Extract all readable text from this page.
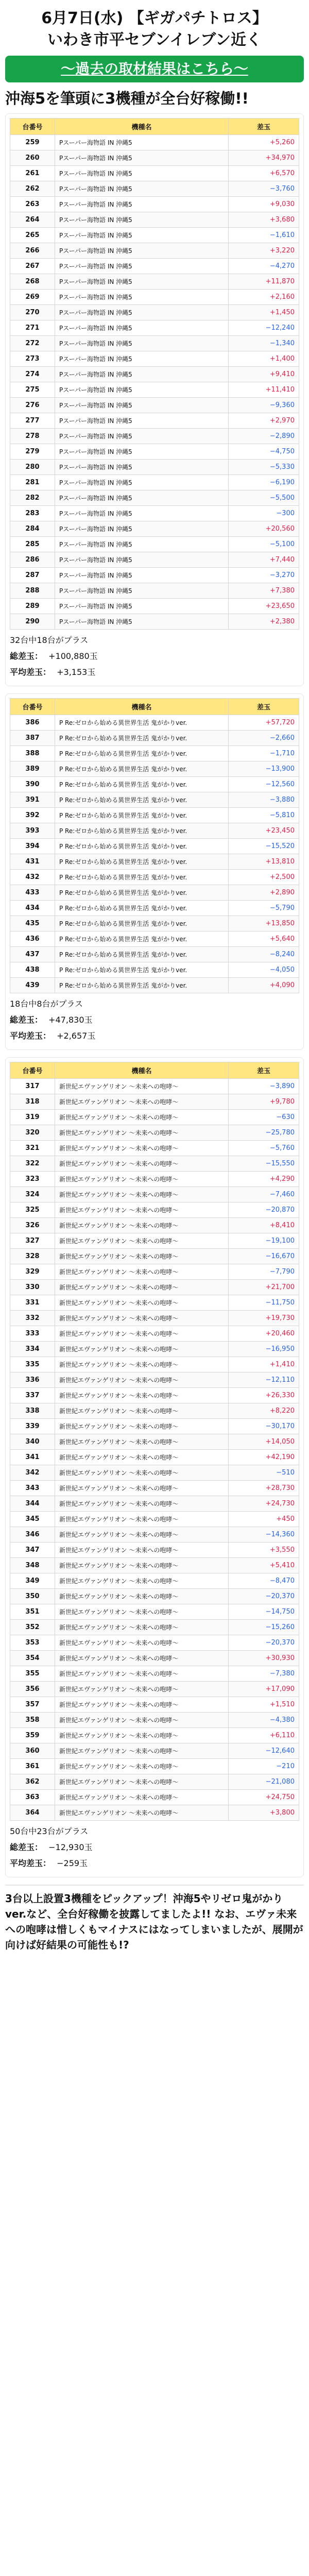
6月7日(水) 【ギガパチトロス】
いわき市平セブンイレブン近く
〜過去の取材結果はこちら〜
沖海5を筆頭に3機種が全台好稼働!!
台番号	機種名	差玉
259	Pスーパー海物語 IN 沖縄5	+5,260
260	Pスーパー海物語 IN 沖縄5	+34,970
261	Pスーパー海物語 IN 沖縄5	+6,570
262	Pスーパー海物語 IN 沖縄5	−3,760
263	Pスーパー海物語 IN 沖縄5	+9,030
264	Pスーパー海物語 IN 沖縄5	+3,680
265	Pスーパー海物語 IN 沖縄5	−1,610
266	Pスーパー海物語 IN 沖縄5	+3,220
267	Pスーパー海物語 IN 沖縄5	−4,270
268	Pスーパー海物語 IN 沖縄5	+11,870
269	Pスーパー海物語 IN 沖縄5	+2,160
270	Pスーパー海物語 IN 沖縄5	+1,450
271	Pスーパー海物語 IN 沖縄5	−12,240
272	Pスーパー海物語 IN 沖縄5	−1,340
273	Pスーパー海物語 IN 沖縄5	+1,400
274	Pスーパー海物語 IN 沖縄5	+9,410
275	Pスーパー海物語 IN 沖縄5	+11,410
276	Pスーパー海物語 IN 沖縄5	−9,360
277	Pスーパー海物語 IN 沖縄5	+2,970
278	Pスーパー海物語 IN 沖縄5	−2,890
279	Pスーパー海物語 IN 沖縄5	−4,750
280	Pスーパー海物語 IN 沖縄5	−5,330
281	Pスーパー海物語 IN 沖縄5	−6,190
282	Pスーパー海物語 IN 沖縄5	−5,500
283	Pスーパー海物語 IN 沖縄5	−300
284	Pスーパー海物語 IN 沖縄5	+20,560
285	Pスーパー海物語 IN 沖縄5	−5,100
286	Pスーパー海物語 IN 沖縄5	+7,440
287	Pスーパー海物語 IN 沖縄5	−3,270
288	Pスーパー海物語 IN 沖縄5	+7,380
289	Pスーパー海物語 IN 沖縄5	+23,650
290	Pスーパー海物語 IN 沖縄5	+2,380
32台中18台がプラス
総差玉： +100,880玉
平均差玉： +3,153玉
台番号	機種名	差玉
386	P Re:ゼロから始める異世界生活 鬼がかりver.	+57,720
387	P Re:ゼロから始める異世界生活 鬼がかりver.	−2,660
388	P Re:ゼロから始める異世界生活 鬼がかりver.	−1,710
389	P Re:ゼロから始める異世界生活 鬼がかりver.	−13,900
390	P Re:ゼロから始める異世界生活 鬼がかりver.	−12,560
391	P Re:ゼロから始める異世界生活 鬼がかりver.	−3,880
392	P Re:ゼロから始める異世界生活 鬼がかりver.	−5,810
393	P Re:ゼロから始める異世界生活 鬼がかりver.	+23,450
394	P Re:ゼロから始める異世界生活 鬼がかりver.	−15,520
431	P Re:ゼロから始める異世界生活 鬼がかりver.	+13,810
432	P Re:ゼロから始める異世界生活 鬼がかりver.	+2,500
433	P Re:ゼロから始める異世界生活 鬼がかりver.	+2,890
434	P Re:ゼロから始める異世界生活 鬼がかりver.	−5,790
435	P Re:ゼロから始める異世界生活 鬼がかりver.	+13,850
436	P Re:ゼロから始める異世界生活 鬼がかりver.	+5,640
437	P Re:ゼロから始める異世界生活 鬼がかりver.	−8,240
438	P Re:ゼロから始める異世界生活 鬼がかりver.	−4,050
439	P Re:ゼロから始める異世界生活 鬼がかりver.	+4,090
18台中8台がプラス
総差玉： +47,830玉
平均差玉： +2,657玉
台番号	機種名	差玉
317	新世紀エヴァンゲリオン 〜未来への咆哮〜	−3,890
318	新世紀エヴァンゲリオン 〜未来への咆哮〜	+9,780
319	新世紀エヴァンゲリオン 〜未来への咆哮〜	−630
320	新世紀エヴァンゲリオン 〜未来への咆哮〜	−25,780
321	新世紀エヴァンゲリオン 〜未来への咆哮〜	−5,760
322	新世紀エヴァンゲリオン 〜未来への咆哮〜	−15,550
323	新世紀エヴァンゲリオン 〜未来への咆哮〜	+4,290
324	新世紀エヴァンゲリオン 〜未来への咆哮〜	−7,460
325	新世紀エヴァンゲリオン 〜未来への咆哮〜	−20,870
326	新世紀エヴァンゲリオン 〜未来への咆哮〜	+8,410
327	新世紀エヴァンゲリオン 〜未来への咆哮〜	−19,100
328	新世紀エヴァンゲリオン 〜未来への咆哮〜	−16,670
329	新世紀エヴァンゲリオン 〜未来への咆哮〜	−7,790
330	新世紀エヴァンゲリオン 〜未来への咆哮〜	+21,700
331	新世紀エヴァンゲリオン 〜未来への咆哮〜	−11,750
332	新世紀エヴァンゲリオン 〜未来への咆哮〜	+19,730
333	新世紀エヴァンゲリオン 〜未来への咆哮〜	+20,460
334	新世紀エヴァンゲリオン 〜未来への咆哮〜	−16,950
335	新世紀エヴァンゲリオン 〜未来への咆哮〜	+1,410
336	新世紀エヴァンゲリオン 〜未来への咆哮〜	−12,110
337	新世紀エヴァンゲリオン 〜未来への咆哮〜	+26,330
338	新世紀エヴァンゲリオン 〜未来への咆哮〜	+8,220
339	新世紀エヴァンゲリオン 〜未来への咆哮〜	−30,170
340	新世紀エヴァンゲリオン 〜未来への咆哮〜	+14,050
341	新世紀エヴァンゲリオン 〜未来への咆哮〜	+42,190
342	新世紀エヴァンゲリオン 〜未来への咆哮〜	−510
343	新世紀エヴァンゲリオン 〜未来への咆哮〜	+28,730
344	新世紀エヴァンゲリオン 〜未来への咆哮〜	+24,730
345	新世紀エヴァンゲリオン 〜未来への咆哮〜	+450
346	新世紀エヴァンゲリオン 〜未来への咆哮〜	−14,360
347	新世紀エヴァンゲリオン 〜未来への咆哮〜	+3,550
348	新世紀エヴァンゲリオン 〜未来への咆哮〜	+5,410
349	新世紀エヴァンゲリオン 〜未来への咆哮〜	−8,470
350	新世紀エヴァンゲリオン 〜未来への咆哮〜	−20,370
351	新世紀エヴァンゲリオン 〜未来への咆哮〜	−14,750
352	新世紀エヴァンゲリオン 〜未来への咆哮〜	−15,260
353	新世紀エヴァンゲリオン 〜未来への咆哮〜	−20,370
354	新世紀エヴァンゲリオン 〜未来への咆哮〜	+30,930
355	新世紀エヴァンゲリオン 〜未来への咆哮〜	−7,380
356	新世紀エヴァンゲリオン 〜未来への咆哮〜	+17,090
357	新世紀エヴァンゲリオン 〜未来への咆哮〜	+1,510
358	新世紀エヴァンゲリオン 〜未来への咆哮〜	−4,380
359	新世紀エヴァンゲリオン 〜未来への咆哮〜	+6,110
360	新世紀エヴァンゲリオン 〜未来への咆哮〜	−12,640
361	新世紀エヴァンゲリオン 〜未来への咆哮〜	−210
362	新世紀エヴァンゲリオン 〜未来への咆哮〜	−21,080
363	新世紀エヴァンゲリオン 〜未来への咆哮〜	+24,750
364	新世紀エヴァンゲリオン 〜未来への咆哮〜	+3,800
50台中23台がプラス
総差玉： −12,930玉
平均差玉： −259玉
3台以上設置3機種をピックアップ！沖海5やリゼロ鬼がかりver.など、全台好稼働を披露してましたよ!! なお、エヴァ未来への咆哮は惜しくもマイナスにはなってしまいましたが、展開が向けば好結果の可能性も!?
